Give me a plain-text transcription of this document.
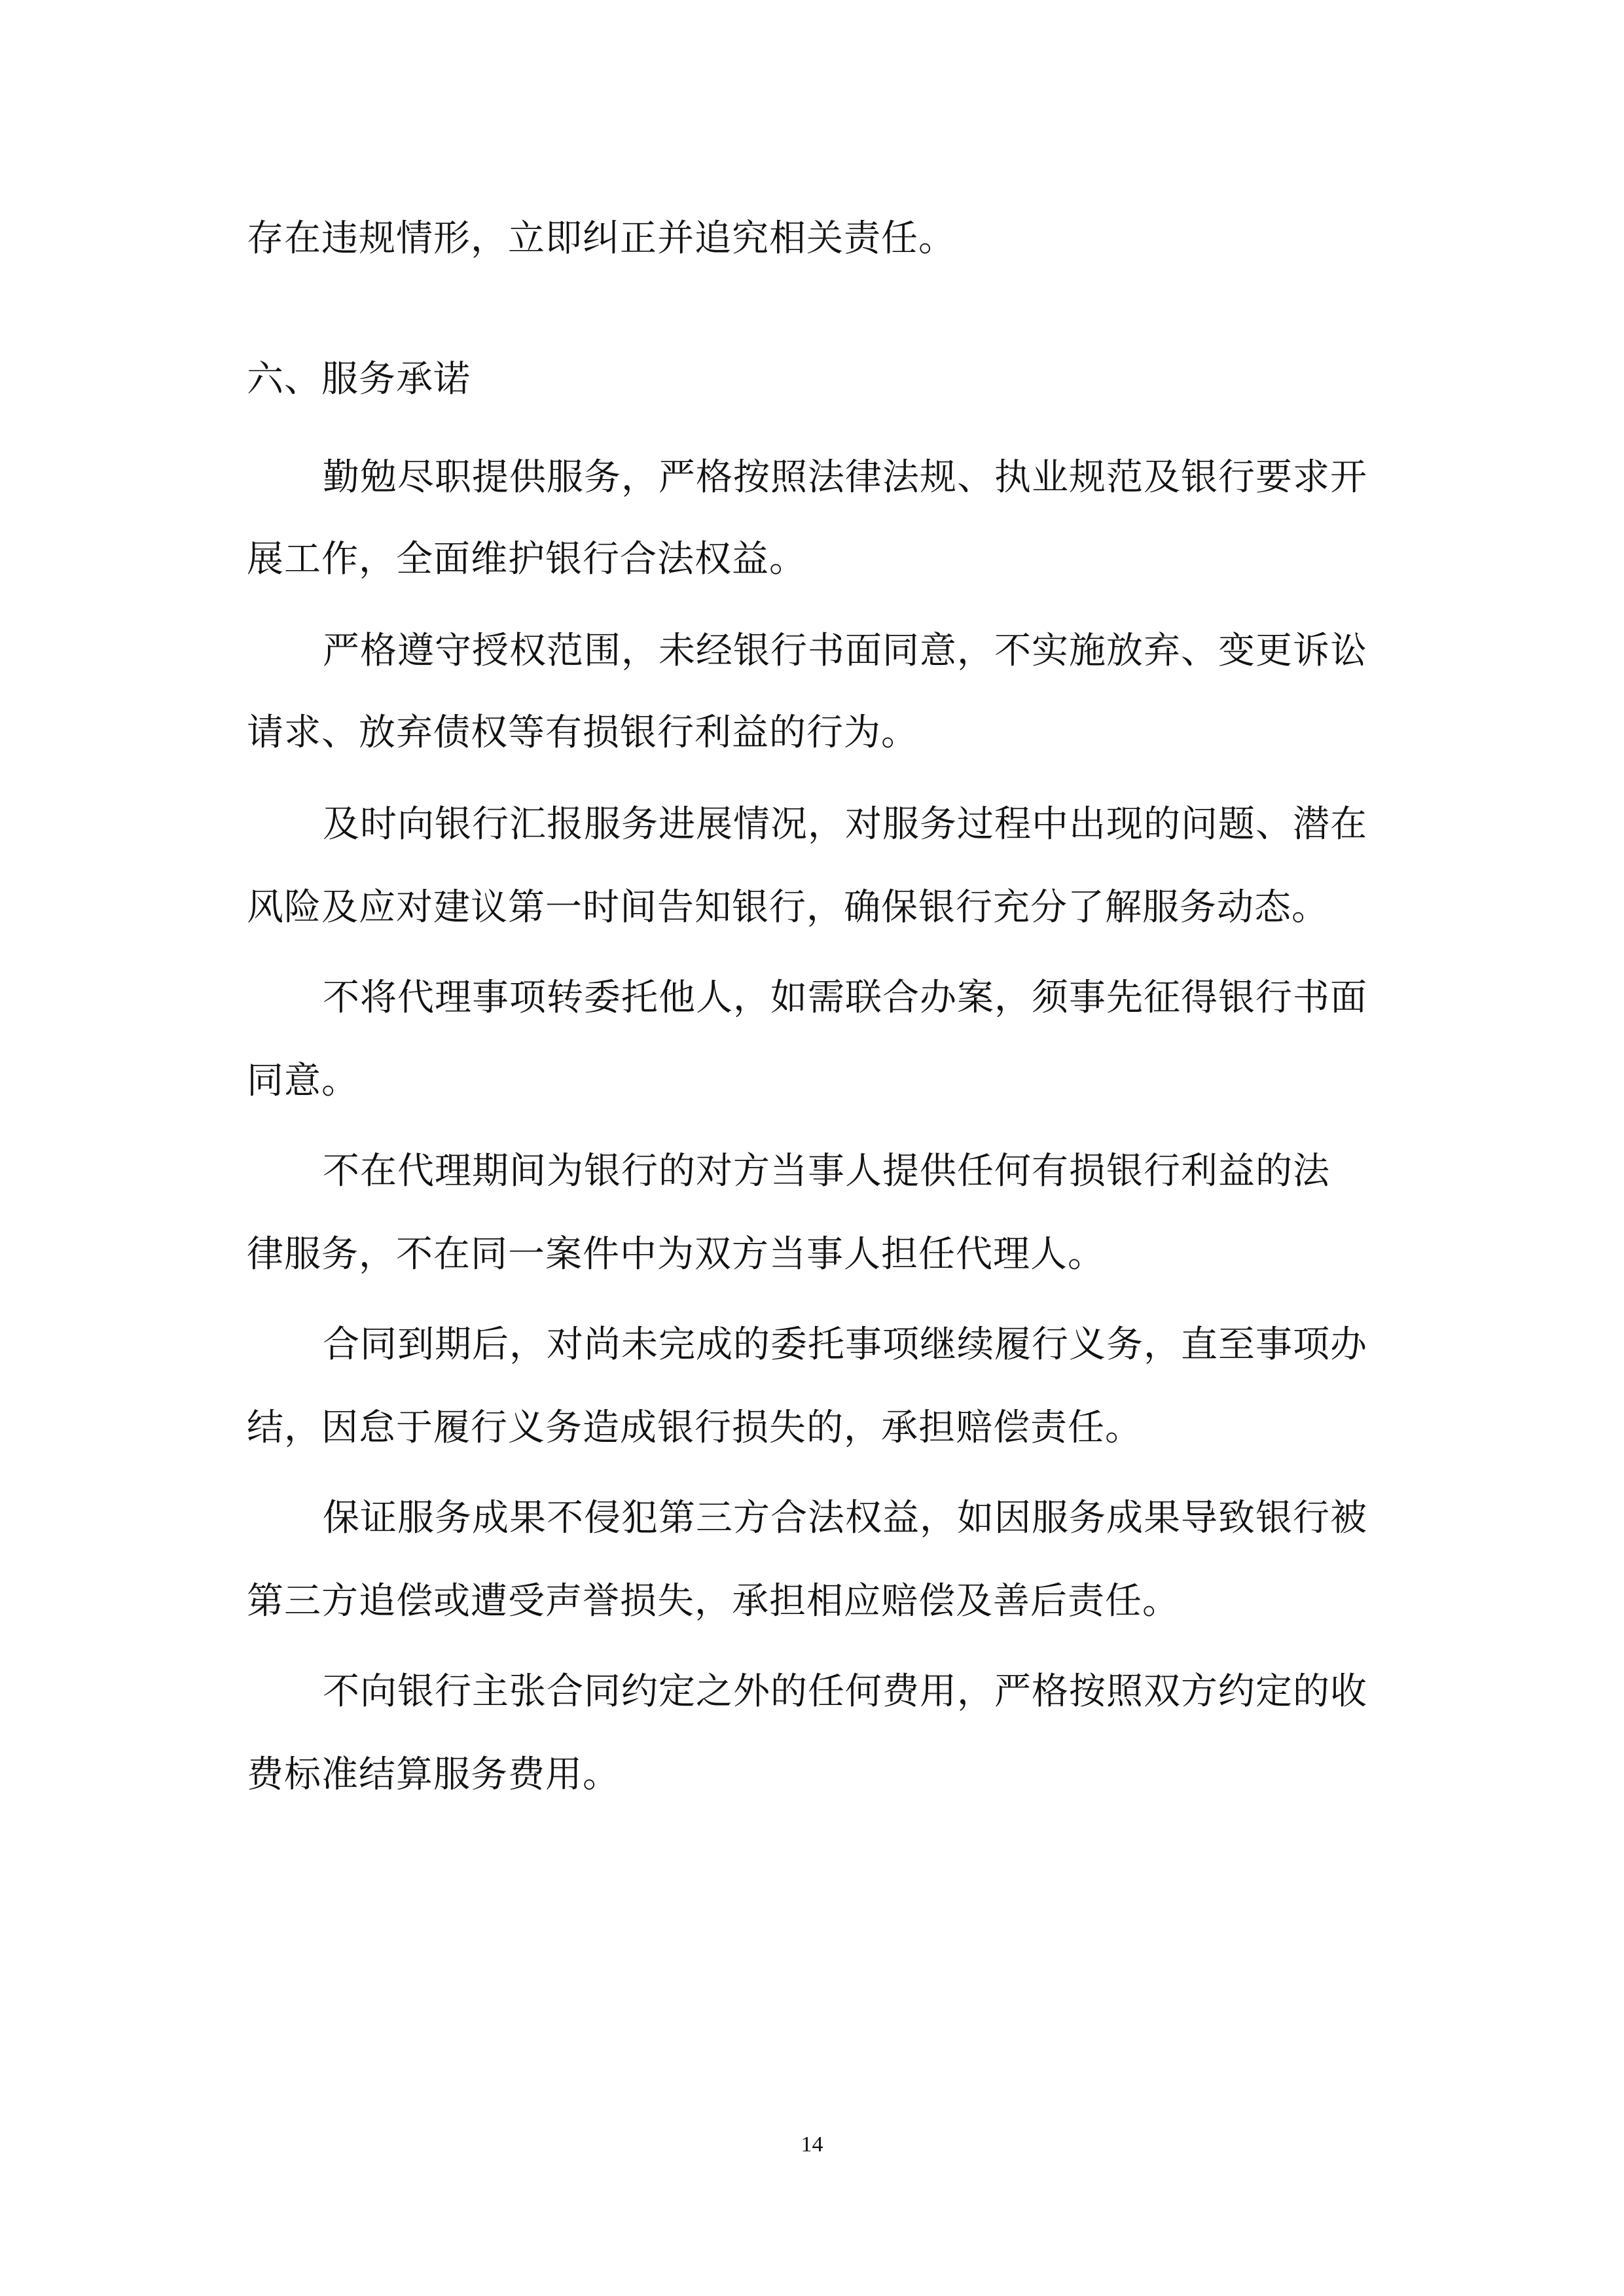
存在违规情形，立即纠正并追究相关责任。
六、服务承诺
勤勉尽职提供服务，严格按照法律法规、执业规范及银行要求开
展工作，全面维护银行合法权益。
严格遵守授权范围，未经银行书面同意，不实施放弃、变更诉讼
请求、放弃债权等有损银行利益的行为。
及时向银行汇报服务进展情况，对服务过程中出现的问题、潜在
风险及应对建议第一时间告知银行，确保银行充分了解服务动态。
不将代理事项转委托他人，如需联合办案，须事先征得银行书面
同意。
不在代理期间为银行的对方当事人提供任何有损银行利益的法
律服务，不在同一案件中为双方当事人担任代理人。
合同到期后，对尚未完成的委托事项继续履行义务，直至事项办
结，因怠于履行义务造成银行损失的，承担赔偿责任。
保证服务成果不侵犯第三方合法权益，如因服务成果导致银行被
第三方追偿或遭受声誉损失，承担相应赔偿及善后责任。
不向银行主张合同约定之外的任何费用，严格按照双方约定的收
费标准结算服务费用。
14
